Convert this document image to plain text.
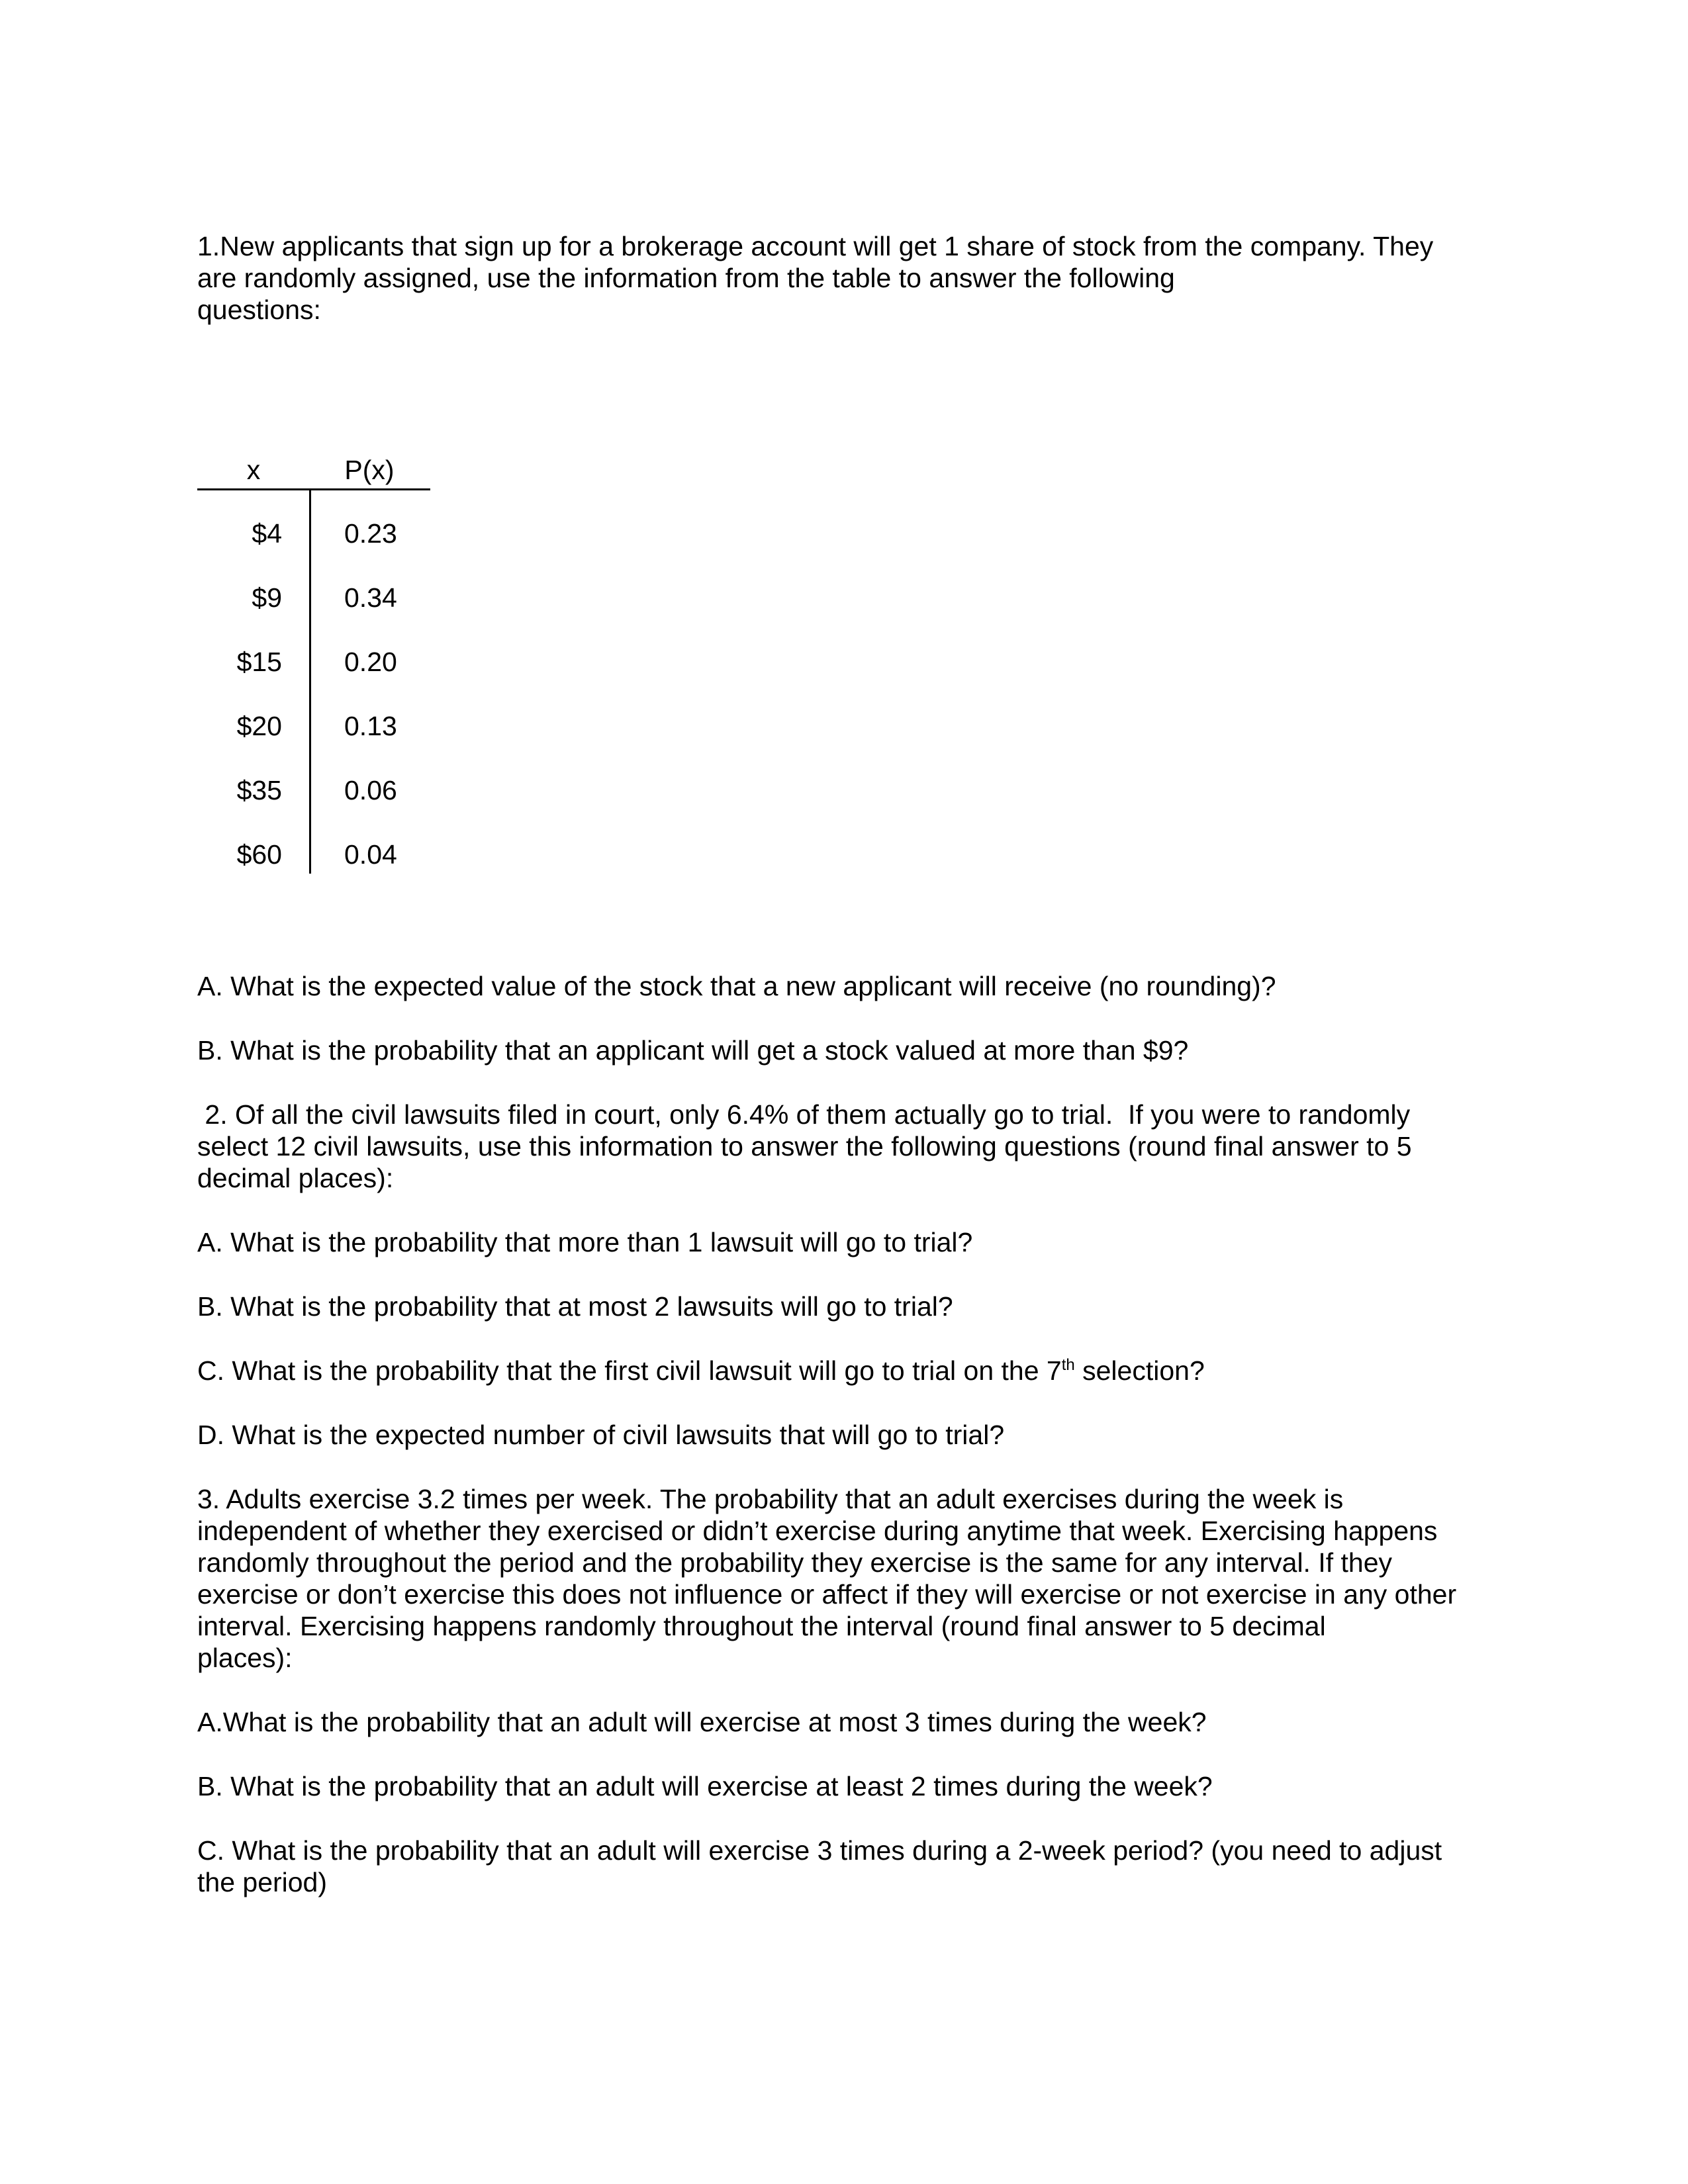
1.New applicants that sign up for a brokerage account will get 1 share of stock from the company. They
are randomly assigned, use the information from the table to answer the following
questions:

x	P(x)
$4 0.23
$9 0.34
$15 0.20
$20 0.13
$35 0.06
$60 0.04

A. What is the expected value of the stock that a new applicant will receive (no rounding)?

B. What is the probability that an applicant will get a stock valued at more than $9?

2. Of all the civil lawsuits filed in court, only 6.4% of them actually go to trial.  If you were to randomly
select 12 civil lawsuits, use this information to answer the following questions (round final answer to 5
decimal places):

A. What is the probability that more than 1 lawsuit will go to trial?

B. What is the probability that at most 2 lawsuits will go to trial?

C. What is the probability that the first civil lawsuit will go to trial on the 7th selection?

D. What is the expected number of civil lawsuits that will go to trial?

3. Adults exercise 3.2 times per week. The probability that an adult exercises during the week is
independent of whether they exercised or didn’t exercise during anytime that week. Exercising happens
randomly throughout the period and the probability they exercise is the same for any interval. If they
exercise or don’t exercise this does not influence or affect if they will exercise or not exercise in any other
interval. Exercising happens randomly throughout the interval (round final answer to 5 decimal
places):

A.What is the probability that an adult will exercise at most 3 times during the week?

B. What is the probability that an adult will exercise at least 2 times during the week?

C. What is the probability that an adult will exercise 3 times during a 2-week period? (you need to adjust
the period)
